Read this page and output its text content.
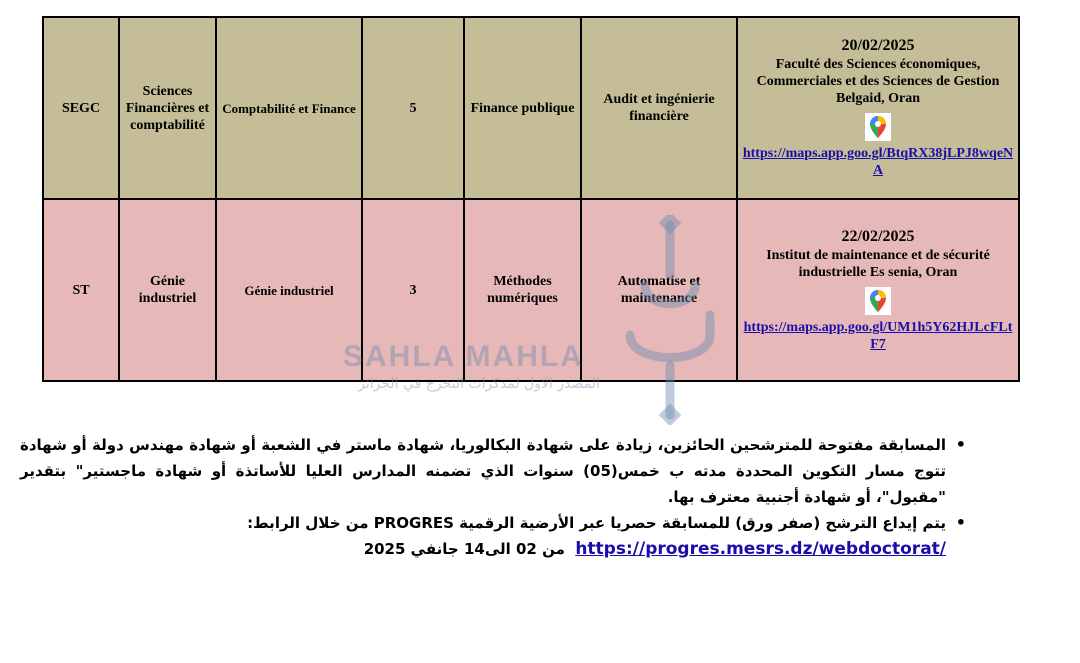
SEGC	Sciences Financières et comptabilité	Comptabilité et Finance	5	Finance publique	Audit et ingénierie financière	20/02/2025
Faculté des Sciences économiques, Commerciales et des Sciences de Gestion Belgaid, Oran
https://maps.app.goo.gl/BtqRX38jLPJ8wqeNA

ST	Génie industriel	Génie industriel	3	Méthodes numériques	Automatise et maintenance	22/02/2025
Institut de maintenance et de sécurité industrielle Es senia, Oran
https://maps.app.goo.gl/UM1h5Y62HJLcFLtF7
SAHLA MAHLA
المصدر الاول لمذكرات التخرج في الجزائر
•
المسابقة مفتوحة للمترشحين الحائزين، زيادة على شهادة البكالوريا، شهادة ماستر في الشعبة أو شهادة مهندس دولة أو شهادة تتوج مسار التكوين المحددة مدته ب خمس(05) سنوات الذي تضمنه المدارس العليا للأساتذة أو شهادة ماجستير" بتقدير "مقبول"، أو شهادة أجنبية معترف بها.
•
يتم إيداع الترشح (صفر ورق) للمسابقة حصريا عبر الأرضية الرقمية PROGRES من خلال الرابط:
https://progres.mesrs.dz/webdoctorat/  من 02 الى14 جانفي 2025
